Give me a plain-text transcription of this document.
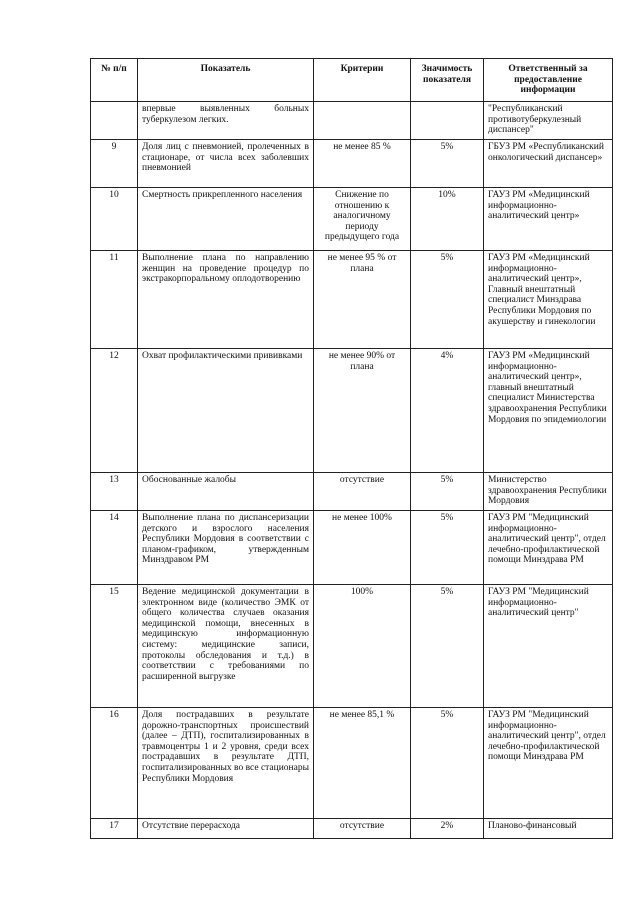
№ п/п	Показатель	Критерии	Значимость показателя	Ответственный за предоставление информации
	впервые выявленных больных туберкулезом легких.			"Республиканский противотуберкулезный диспансер"
9	Доля лиц с пневмонией, пролеченных в стационаре, от числа всех заболевших пневмонией	не менее 85 %	5%	ГБУЗ РМ «Республиканский онкологический диспансер»
10	Смертность прикрепленного населения	Снижение по отношению к аналогичному периоду предыдущего года	10%	ГАУЗ РМ «Медицинский информационно-аналитический центр»
11	Выполнение плана по направлению женщин на проведение процедур по экстракорпоральному оплодотворению	не менее 95 % от плана	5%	ГАУЗ РМ «Медицинский информационно-аналитический центр», Главный внештатный специалист Минздрава Республики Мордовия по акушерству и гинекологии
12	Охват профилактическими прививками	не менее 90% от плана	4%	ГАУЗ РМ «Медицинский информационно-аналитический центр», главный внештатный специалист Министерства здравоохранения Республики Мордовия по эпидемиологии
13	Обоснованные жалобы	отсутствие	5%	Министерство здравоохранения Республики Мордовия
14	Выполнение плана по диспансеризации детского и взрослого населения Республики Мордовия в соответствии с планом-графиком, утвержденным Минздравом РМ	не менее 100%	5%	ГАУЗ РМ "Медицинский информационно-аналитический центр", отдел лечебно-профилактической помощи Минздрава РМ
15	Ведение медицинской документации в электронном виде (количество ЭМК от общего количества случаев оказания медицинской помощи, внесенных в медицинскую информационную систему: медицинские записи, протоколы обследования и т.д.) в соответствии с требованиями по расширенной выгрузке	100%	5%	ГАУЗ РМ "Медицинский информационно-аналитический центр"
16	Доля пострадавших в результате дорожно-транспортных происшествий (далее – ДТП), госпитализированных в травмоцентры 1 и 2 уровня, среди всех пострадавших в результате ДТП, госпитализированных во все стационары Республики Мордовия	не менее 85,1 %	5%	ГАУЗ РМ "Медицинский информационно-аналитический центр", отдел лечебно-профилактической помощи Минздрава РМ
17	Отсутствие перерасхода	отсутствие	2%	Планово-финансовый
